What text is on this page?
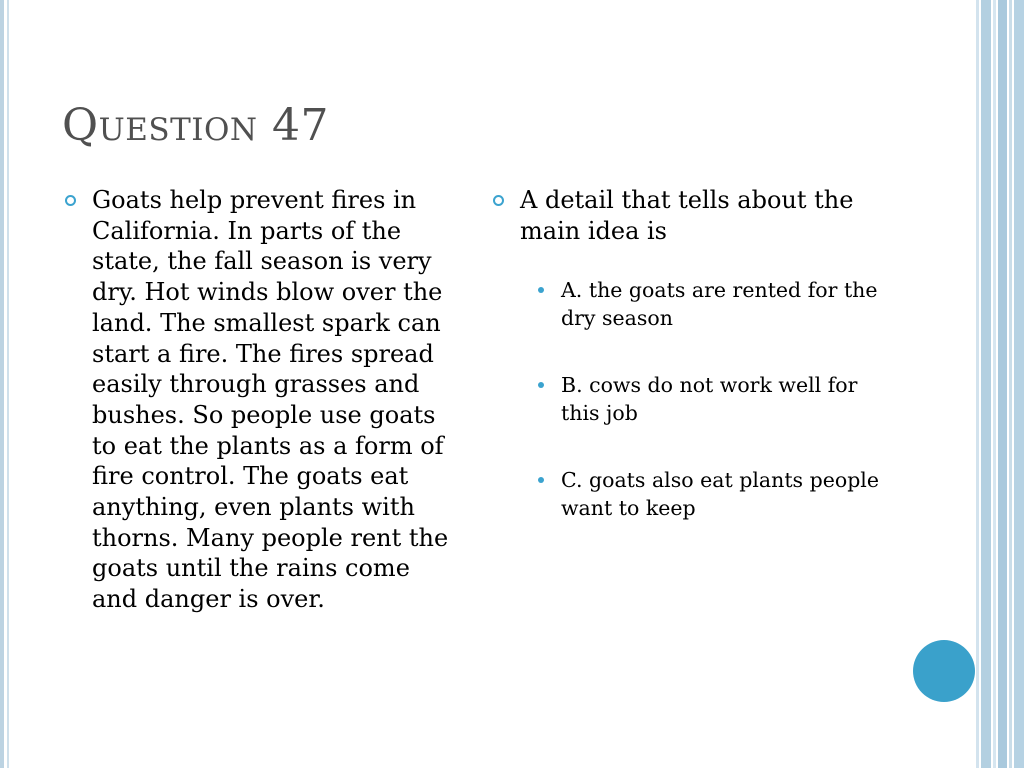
Question 47
Goats help prevent fires in California. In parts of the state, the fall season is very dry. Hot winds blow over the land. The smallest spark can start a fire. The fires spread easily through grasses and bushes. So people use goats to eat the plants as a form of fire control. The goats eat anything, even plants with thorns. Many people rent the goats until the rains come and danger is over.
A detail that tells about the main idea is
A. the goats are rented for the dry season
B. cows do not work well for this job
C. goats also eat plants people want to keep
